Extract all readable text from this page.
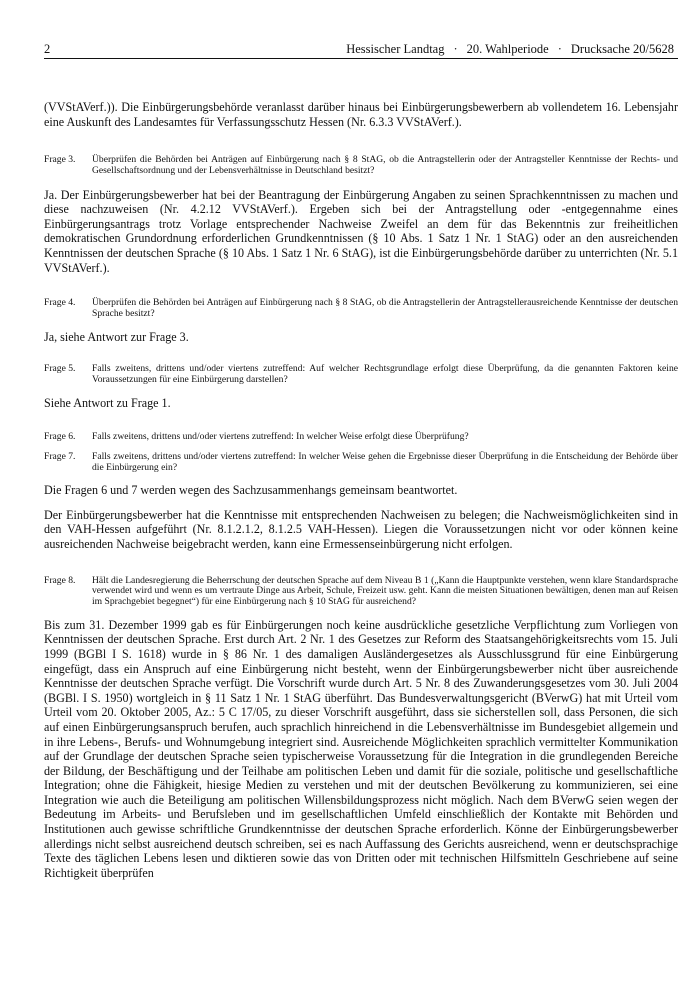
2	Hessischer Landtag · 20. Wahlperiode · Drucksache 20/5628

(VVStAVerf.)). Die Einbürgerungsbehörde veranlasst darüber hinaus bei Einbürgerungsbewerbern ab vollendetem 16. Lebensjahr eine Auskunft des Landesamtes für Verfassungsschutz Hessen (Nr. 6.3.3 VVStAVerf.).

Frage 3.	Überprüfen die Behörden bei Anträgen auf Einbürgerung nach § 8 StAG, ob die Antragstellerin oder der Antragsteller Kenntnisse der Rechts- und Gesellschaftsordnung und der Lebensverhältnisse in Deutschland besitzt?

Ja. Der Einbürgerungsbewerber hat bei der Beantragung der Einbürgerung Angaben zu seinen Sprachkenntnissen zu machen und diese nachzuweisen (Nr. 4.2.12 VVStAVerf.). Ergeben sich bei der Antragstellung oder -entgegennahme eines Einbürgerungsantrags trotz Vorlage entsprechender Nachweise Zweifel an dem für das Bekenntnis zur freiheitlichen demokratischen Grundordnung erforderlichen Grundkenntnissen (§ 10 Abs. 1 Satz 1 Nr. 1 StAG) oder an den ausreichenden Kenntnissen der deutschen Sprache (§ 10 Abs. 1 Satz 1 Nr. 6 StAG), ist die Einbürgerungsbehörde darüber zu unterrichten (Nr. 5.1 VVStAVerf.).

Frage 4.	Überprüfen die Behörden bei Anträgen auf Einbürgerung nach § 8 StAG, ob die Antragstellerin der Antragstellerausreichende Kenntnisse der deutschen Sprache besitzt?

Ja, siehe Antwort zur Frage 3.

Frage 5.	Falls zweitens, drittens und/oder viertens zutreffend: Auf welcher Rechtsgrundlage erfolgt diese Überprüfung, da die genannten Faktoren keine Voraussetzungen für eine Einbürgerung darstellen?

Siehe Antwort zu Frage 1.

Frage 6.	Falls zweitens, drittens und/oder viertens zutreffend: In welcher Weise erfolgt diese Überprüfung?
Frage 7.	Falls zweitens, drittens und/oder viertens zutreffend: In welcher Weise gehen die Ergebnisse dieser Überprüfung in die Entscheidung der Behörde über die Einbürgerung ein?

Die Fragen 6 und 7 werden wegen des Sachzusammenhangs gemeinsam beantwortet.

Der Einbürgerungsbewerber hat die Kenntnisse mit entsprechenden Nachweisen zu belegen; die Nachweismöglichkeiten sind in den VAH-Hessen aufgeführt (Nr. 8.1.2.1.2, 8.1.2.5 VAH-Hessen). Liegen die Voraussetzungen nicht vor oder können keine ausreichenden Nachweise beigebracht werden, kann eine Ermessenseinbürgerung nicht erfolgen.

Frage 8.	Hält die Landesregierung die Beherrschung der deutschen Sprache auf dem Niveau B 1 („Kann die Hauptpunkte verstehen, wenn klare Standardsprache verwendet wird und wenn es um vertraute Dinge aus Arbeit, Schule, Freizeit usw. geht. Kann die meisten Situationen bewältigen, denen man auf Reisen im Sprachgebiet begegnet“) für eine Einbürgerung nach § 10 StAG für ausreichend?

Bis zum 31. Dezember 1999 gab es für Einbürgerungen noch keine ausdrückliche gesetzliche Verpflichtung zum Vorliegen von Kenntnissen der deutschen Sprache. Erst durch Art. 2 Nr. 1 des Gesetzes zur Reform des Staatsangehörigkeitsrechts vom 15. Juli 1999 (BGBl I S. 1618) wurde in § 86 Nr. 1 des damaligen Ausländergesetzes als Ausschlussgrund für eine Einbürgerung eingefügt, dass ein Anspruch auf eine Einbürgerung nicht besteht, wenn der Einbürgerungsbewerber nicht über ausreichende Kenntnisse der deutschen Sprache verfügt. Die Vorschrift wurde durch Art. 5 Nr. 8 des Zuwanderungsgesetzes vom 30. Juli 2004 (BGBl. I S. 1950) wortgleich in § 11 Satz 1 Nr. 1 StAG überführt. Das Bundesverwaltungsgericht (BVerwG) hat mit Urteil vom Urteil vom 20. Oktober 2005, Az.: 5 C 17/05, zu dieser Vorschrift ausgeführt, dass sie sicherstellen soll, dass Personen, die sich auf einen Einbürgerungsanspruch berufen, auch sprachlich hinreichend in die Lebensverhältnisse im Bundesgebiet allgemein und in ihre Lebens-, Berufs- und Wohnumgebung integriert sind. Ausreichende Möglichkeiten sprachlich vermittelter Kommunikation auf der Grundlage der deutschen Sprache seien typischerweise Voraussetzung für die Integration in die grundlegenden Bereiche der Bildung, der Beschäftigung und der Teilhabe am politischen Leben und damit für die soziale, politische und gesellschaftliche Integration; ohne die Fähigkeit, hiesige Medien zu verstehen und mit der deutschen Bevölkerung zu kommunizieren, sei eine Integration wie auch die Beteiligung am politischen Willensbildungsprozess nicht möglich. Nach dem BVerwG seien wegen der Bedeutung im Arbeits- und Berufsleben und im gesellschaftlichen Umfeld einschließlich der Kontakte mit Behörden und Institutionen auch gewisse schriftliche Grundkenntnisse der deutschen Sprache erforderlich. Könne der Einbürgerungsbewerber allerdings nicht selbst ausreichend deutsch schreiben, sei es nach Auffassung des Gerichts ausreichend, wenn er deutschsprachige Texte des täglichen Lebens lesen und diktieren sowie das von Dritten oder mit technischen Hilfsmitteln Geschriebene auf seine Richtigkeit überprüfen
